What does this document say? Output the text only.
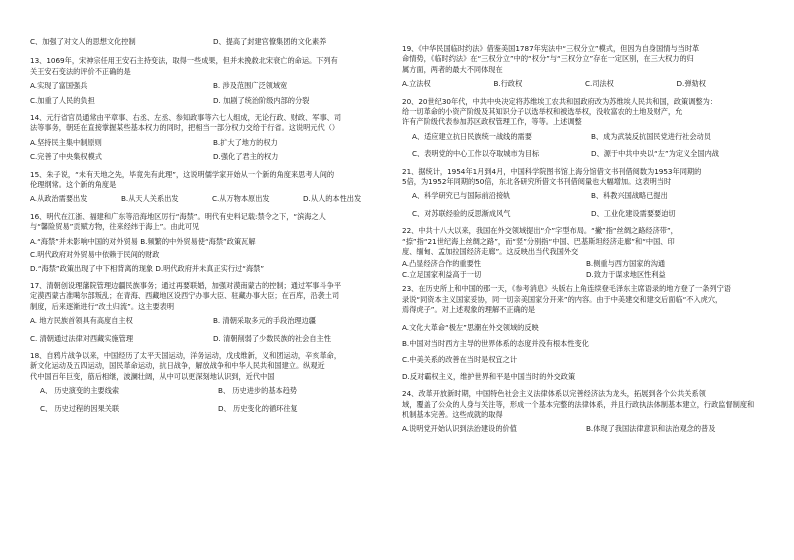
C、加强了对文人的思想文化控制	D、提高了封建官僚集团的文化素养

13、1069年，宋神宗任用王安石主持变法，取得一些成果，但并未挽救北宋衰亡的命运。下列有

关王安石变法的评价不正确的是

A.实现了富国强兵	B. 涉及范围广泛领域宽
C.加重了人民的负担	D. 加剧了统治阶级内部的分裂

14、元行省官员通常由平章事、右丞、左丞、参知政事等六七人组成，无论行政、财政、军事、司

法等事务，朝廷在直接掌握某些基本权力的同时，把相当一部分权力交给于行省。这说明元代（）

A.坚持民主集中制原则	B.扩大了地方的权力
C.完善了中央集权模式	D.强化了君主的权力

15、朱子说，“未有天地之先，毕竟先有此理”，这说明儒学家开始从一个新的角度来思考人间的

伦理纲常。这个新的角度是

A.从政治需要出发	B.从天人关系出发	C.从万物本原出发	D.从人的本性出发

16、明代在江浙、福建和广东等沿海地区厉行“海禁”。明代有史料记载:禁令之下，“滨海之人

与“馨险贸易”贡赋方物，往来经纬于海上”。由此可见

A.“海禁”并未影响中国的对外贸易 B.频繁的中外贸易使“海禁”政策瓦解
C.明代政府对外贸易中依赖于民间的财政
D.“海禁”政策出现了中下相背离的现象 D.明代政府并未真正实行过“海禁”

17、清朝创设理藩院管理边疆民族事务；通过再要联婚，加强对漠南蒙古的控制；通过军事斗争平

定漠西蒙古准噶尔部叛乱；在青海、西藏地区设西宁办事大臣、驻藏办事大臣；在百库，沿袭土司

制度，后来逐渐进行“改土归流”。这主要表明

A. 地方民族首领具有高度自主权	B. 清朝采取多元的手段治理边疆
C. 清朝通过法律对西藏实施管理	D. 清朝削弱了少数民族的社会自主性

18、自鸦片战争以来，中国经历了太平天国运动，洋务运动，戊戌维新，义和团运动，辛亥革命，

新文化运动及五四运动，国民革命运动，抗日战争，解放战争和中华人民共和国建立。纵观近

代中国百年巨变，筋后相继，波澜壮阔，从中可以更深刻地认识到，近代中国

A、 历史演变的主要线索	B、 历史进步的基本趋势
C、 历史过程的因果关联	D、 历史变化的循环往复

19、《中华民国临时约法》借鉴美国1787年宪法中“三权分立”模式，但因为自身国情与当时革

命情势，《临时约法》在“三权分立”中的“权分”与“三权分立”存在一定区别，在三大权力的归

属方面，两者的最大不同体现在

A.立法权	B.行政权	C.司法权	D.弹劾权

20、20世纪30年代，中共中央决定将苏维埃工农共和国政府改为苏维埃人民共和国，政策调整为：

给一切革命的小资产阶级及其知识分子以选举权和被选举权，没收富农的土地及财产，允

许有产阶级代表参加苏区政权管理工作，等等。上述调整

A、适应建立抗日民族统一战线的需要	B、成为武装反抗国民党进行社会动员
C、表明党的中心工作以夺取城市为目标	D、源于中共中央以“左”为定义全国内战

21、据统计，1954年1月到4月，中国科学院图书馆上海分馆借文书刊借阅数为1953年同期的

5倍，为1952年同期的50倍，东北各研究所借文书刊借阅量也大幅增加。这表明当时

A、科学研究已与国际前沿接轨	B、科教兴国战略已提出
C、对苏联经验的反思渐成风气	D、工业化建设需要要迫切

22、中共十八大以来，我国在外交领域提出“介”字型布局。“撇”指“丝绸之路经济带”，

“捺”指“21世纪海上丝绸之路”，而“竖”分别指“中国、巴基斯坦经济走廊”和“中国、印

度、缅甸、孟加拉国经济走廊”。这反映出当代我国外交

A.凸显经济合作的重要性	B.侧重与西方国家的沟通
C.立足国家利益高于一切	D.致力于谋求地区性利益

23、在历史所上和中国的那一天，《参考消息》头版右上角连续登毛泽东主席语录的地方登了一条列宁语

录说“同资本主义国家妥协，同一切亲美国家分开来”的内容。由于中美建交和建交后面临“不入虎穴，

焉得虎子”。对上述观象的理解不正确的是

A.文化大革命“极左”思潮在外交领域的反映
B.中国对当时西方主导的世界体系的态度并没有根本性变化
C.中美关系的改善在当时是权宜之计
D.反对霸权主义，维护世界和平是中国当时的外交政策

24、改革开放新时期，中国特色社会主义法律体系以完善经济法为龙头，拓展到各个公共关系领

域，覆盖了公众的人身与关注等，形成一个基本完整的法律体系，并且行政执法体制基本建立，行政监督制度和

机制基本完善。这些成就的取得

A.说明党开始认识到法治建设的价值	B.体现了我国法律意识和法治观念的普及
